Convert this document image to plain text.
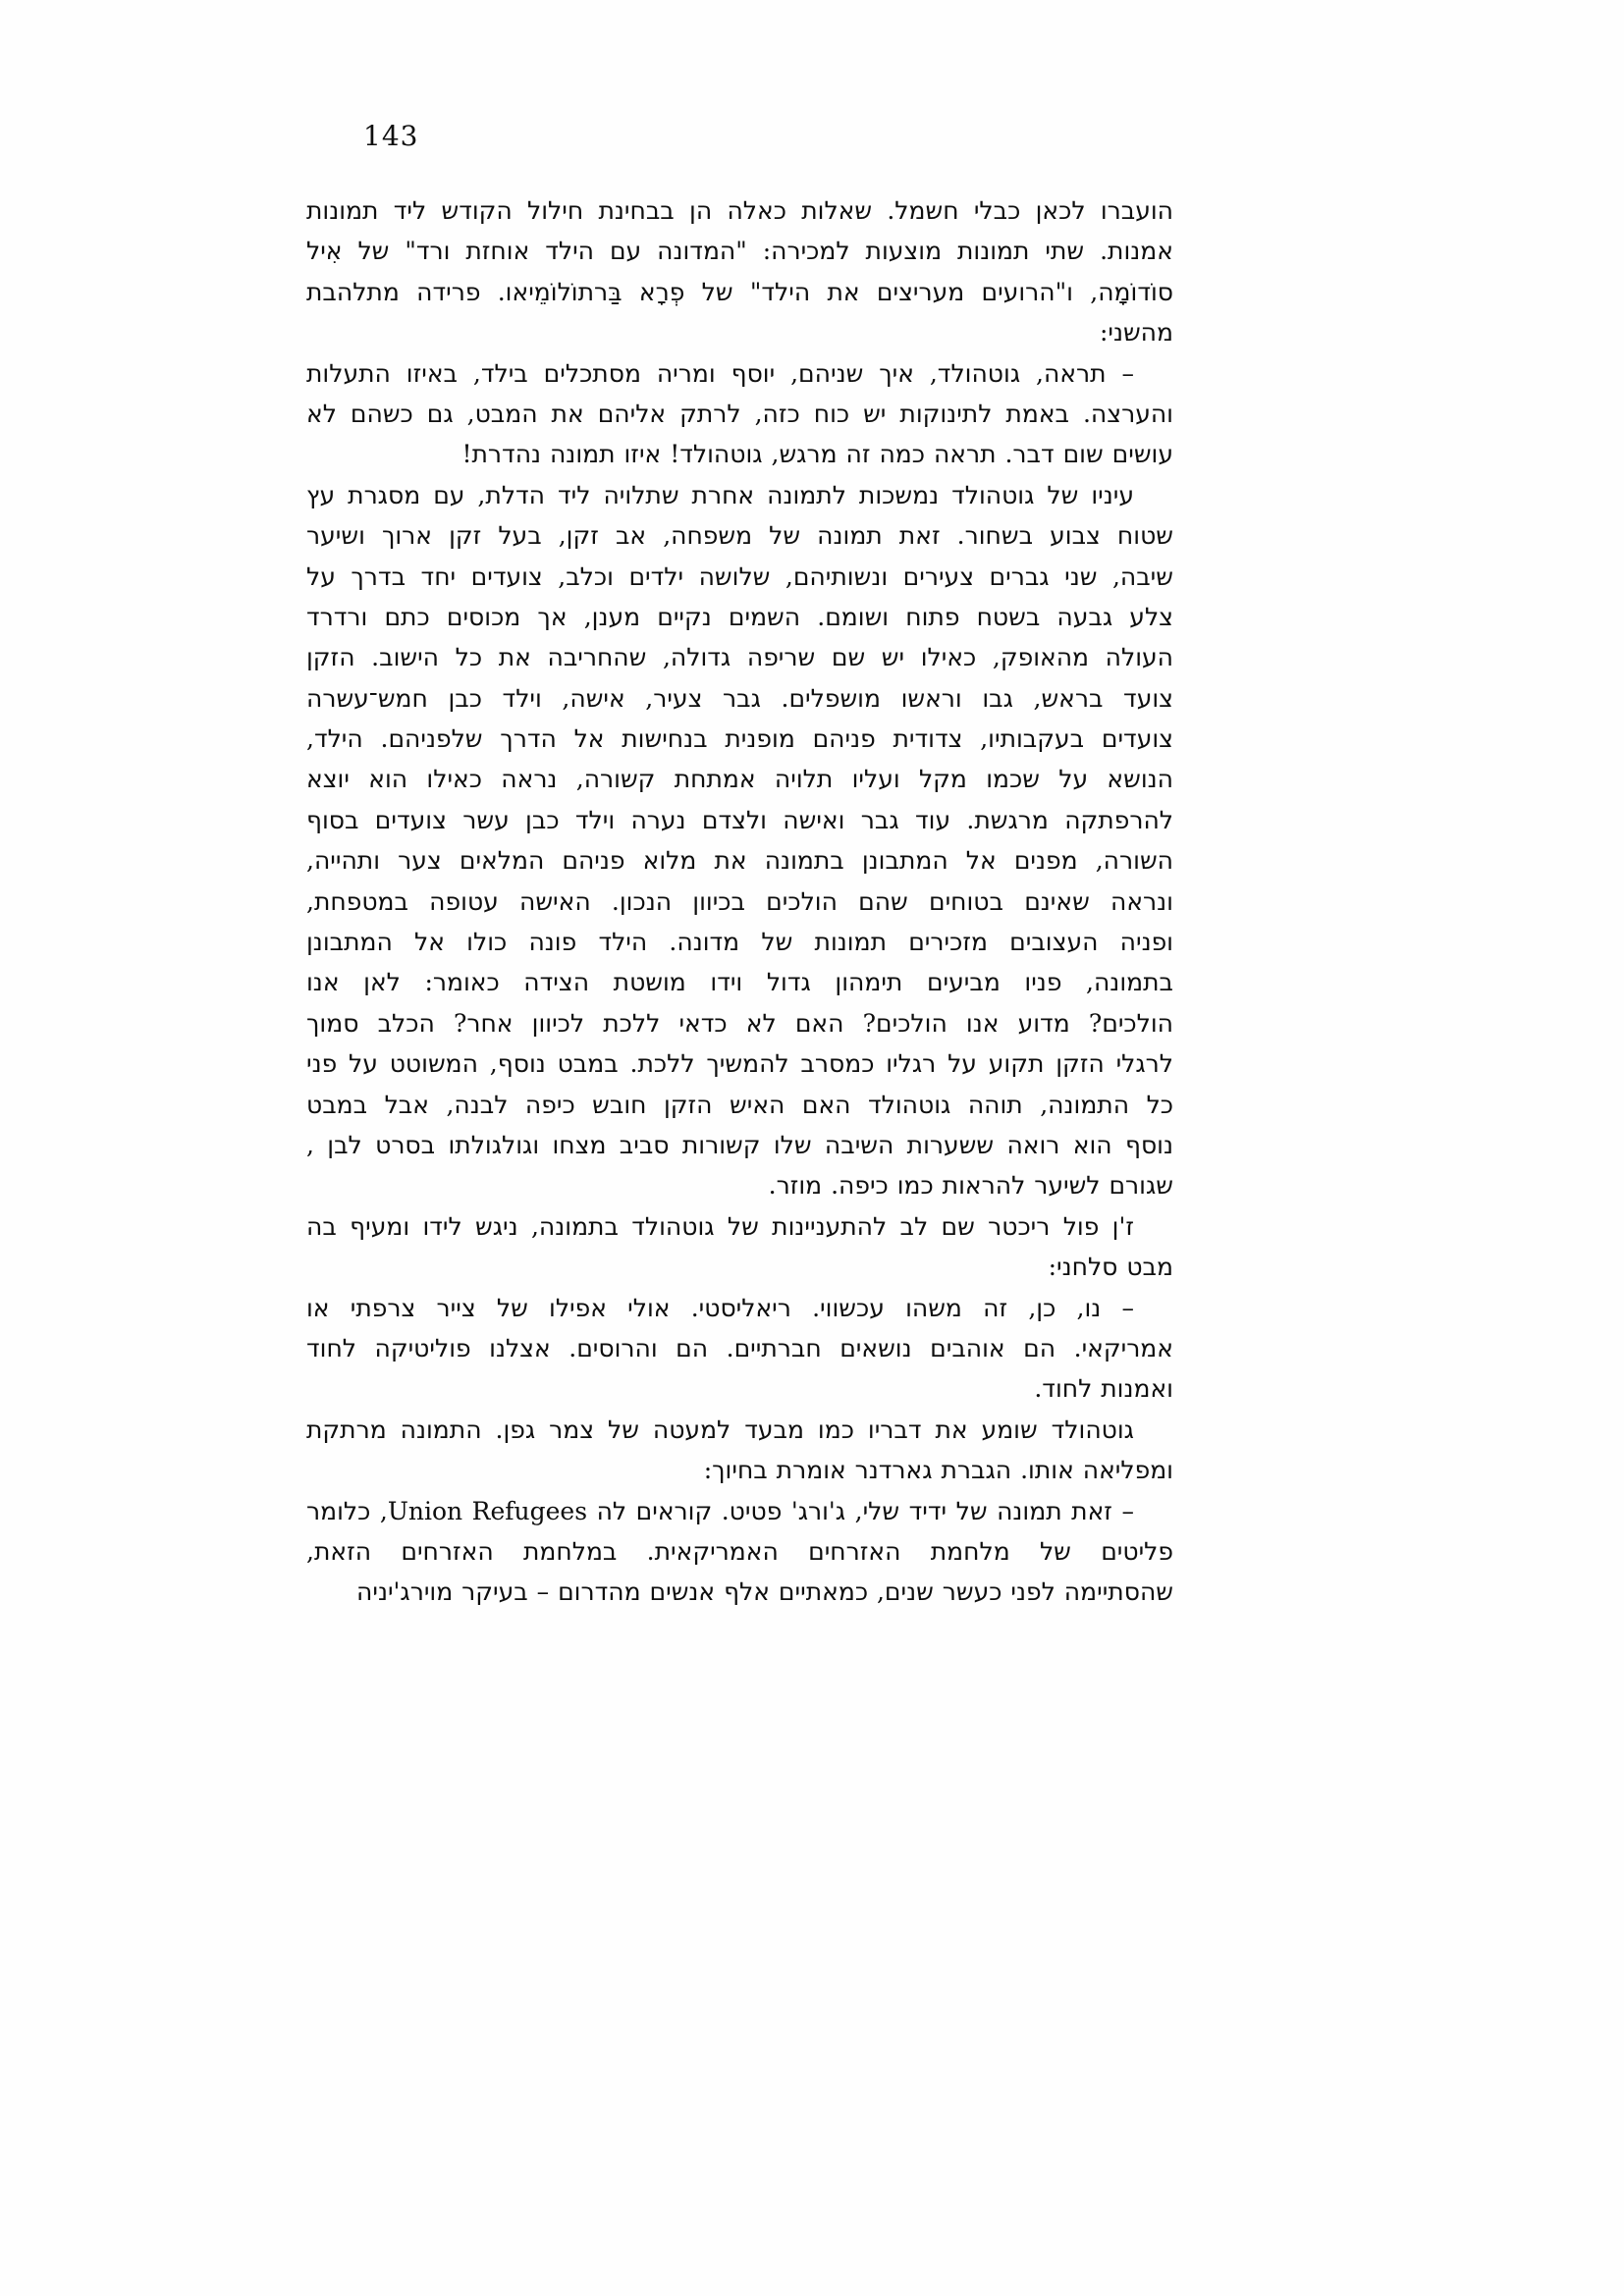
143

הועברו לכאן כבלי חשמל. שאלות כאלה הן בבחינת חילול הקודש ליד תמונות
אמנות. שתי תמונות מוצעות למכירה: "המדונה עם הילד אוחזת ורד" של אִיל
סוֹדוֹמָה, ו"הרועים מעריצים את הילד" של פְרָא בַּרתוֹלוֹמֵיאו. פרידה מתלהבת
מהשני:

– תראה, גוטהולד, איך שניהם, יוסף ומריה מסתכלים בילד, באיזו התעלות
והערצה. באמת לתינוקות יש כוח כזה, לרתק אליהם את המבט, גם כשהם לא
עושים שום דבר. תראה כמה זה מרגש, גוטהולד! איזו תמונה נהדרת!

עיניו של גוטהולד נמשכות לתמונה אחרת שתלויה ליד הדלת, עם מסגרת עץ
שטוח צבוע בשחור. זאת תמונה של משפחה, אב זקן, בעל זקן ארוך ושיער
שיבה, שני גברים צעירים ונשותיהם, שלושה ילדים וכלב, צועדים יחד בדרך על
צלע גבעה בשטח פתוח ושומם. השמים נקיים מענן, אך מכוסים כתם ורדרד
העולה מהאופק, כאילו יש שם שריפה גדולה, שהחריבה את כל הישוב. הזקן
צועד בראש, גבו וראשו מושפלים. גבר צעיר, אישה, וילד כבן חמש־עשרה
צועדים בעקבותיו, צדודית פניהם מופנית בנחישות אל הדרך שלפניהם. הילד,
הנושא על שכמו מקל ועליו תלויה אמתחת קשורה, נראה כאילו הוא יוצא
להרפתקה מרגשת. עוד גבר ואישה ולצדם נערה וילד כבן עשר צועדים בסוף
השורה, מפנים אל המתבונן בתמונה את מלוא פניהם המלאים צער ותהייה,
ונראה שאינם בטוחים שהם הולכים בכיוון הנכון. האישה עטופה במטפחת,
ופניה העצובים מזכירים תמונות של מדונה. הילד פונה כולו אל המתבונן
בתמונה, פניו מביעים תימהון גדול וידו מושטת הצידה כאומר: לאן אנו
הולכים? מדוע אנו הולכים? האם לא כדאי ללכת לכיוון אחר? הכלב סמוך
לרגלי הזקן תקוע על רגליו כמסרב להמשיך ללכת. במבט נוסף, המשוטט על פני
כל התמונה, תוהה גוטהולד האם האיש הזקן חובש כיפה לבנה, אבל במבט
נוסף הוא רואה ששערות השיבה שלו קשורות סביב מצחו וגולגולתו בסרט לבן ,
שגורם לשיער להראות כמו כיפה. מוזר.

ז'ן פול ריכטר שם לב להתעניינות של גוטהולד בתמונה, ניגש לידו ומעיף בה
מבט סלחני:

– נו, כן, זה משהו עכשווי. ריאליסטי. אולי אפילו של צייר צרפתי או
אמריקאי. הם אוהבים נושאים חברתיים. הם והרוסים. אצלנו פוליטיקה לחוד
ואמנות לחוד.

גוטהולד שומע את דבריו כמו מבעד למעטה של צמר גפן. התמונה מרתקת
ומפליאה אותו. הגברת גארדנר אומרת בחיוך:

– זאת תמונה של ידיד שלי, ג'ורג' פטיט. קוראים לה Union Refugees, כלומר
פליטים של מלחמת האזרחים האמריקאית. במלחמת האזרחים הזאת,
שהסתיימה לפני כעשר שנים, כמאתיים אלף אנשים מהדרום – בעיקר מוירג'יניה
